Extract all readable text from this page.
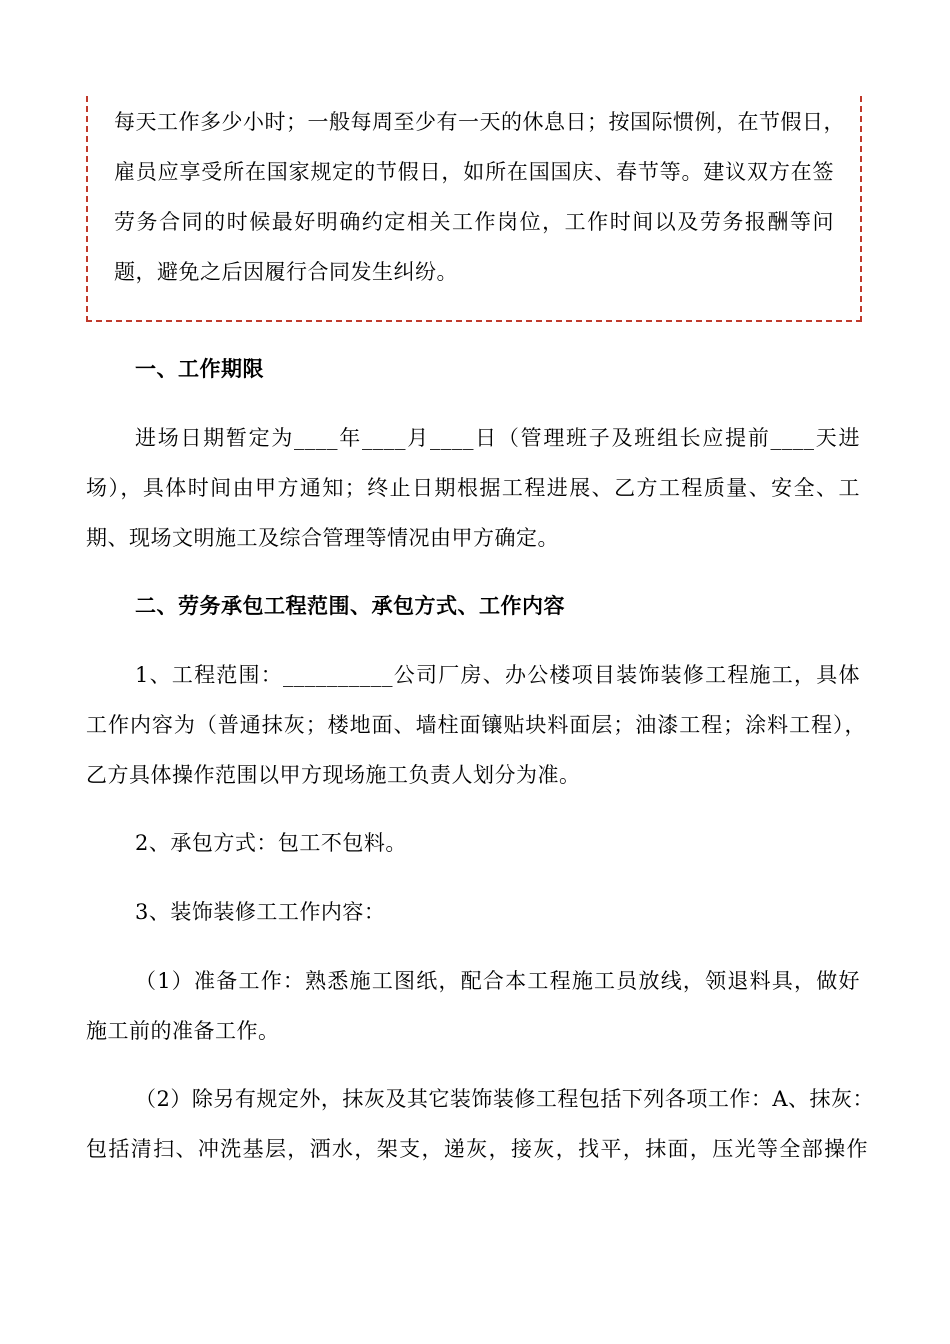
每天工作多少小时；一般每周至少有一天的休息日；按国际惯例，在节假日，
雇员应享受所在国家规定的节假日，如所在国国庆、春节等。建议双方在签
劳务合同的时候最好明确约定相关工作岗位，工作时间以及劳务报酬等问
题，避免之后因履行合同发生纠纷。
一、工作期限
进场日期暂定为____年____月____日（管理班子及班组长应提前____天进
场），具体时间由甲方通知；终止日期根据工程进展、乙方工程质量、安全、工
期、现场文明施工及综合管理等情况由甲方确定。
二、劳务承包工程范围、承包方式、工作内容
1、工程范围：__________公司厂房、办公楼项目装饰装修工程施工，具体
工作内容为（普通抹灰；楼地面、墙柱面镶贴块料面层；油漆工程；涂料工程），
乙方具体操作范围以甲方现场施工负责人划分为准。
2、承包方式：包工不包料。
3、装饰装修工工作内容：
（1）准备工作：熟悉施工图纸，配合本工程施工员放线，领退料具，做好
施工前的准备工作。
（2）除另有规定外，抹灰及其它装饰装修工程包括下列各项工作：A、抹灰：
包括清扫、冲洗基层，洒水，架支，递灰，接灰，找平，抹面，压光等全部操作
